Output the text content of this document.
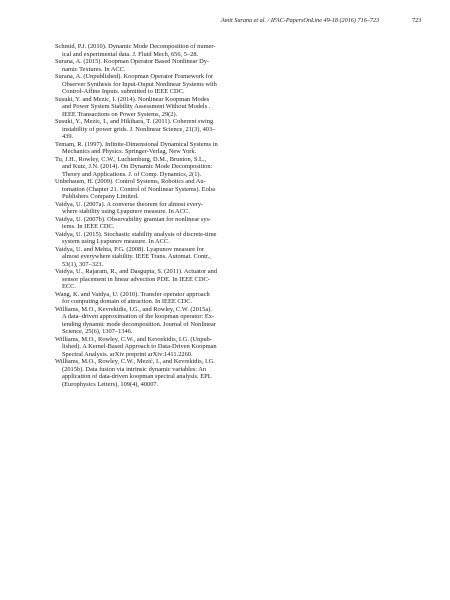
Amit Surana et al. / IFAC-PapersOnLine 49-18 (2016) 716–723	723
Schmid, P.J. (2010). Dynamic Mode Decomposition of numer-
ical and experimental data. J. Fluid Mech, 656, 5–28.
Surana, A. (2015). Koopman Operator Based Nonlinear Dy-
namic Textures. In ACC.
Surana, A. (Unpublished). Koopman Operator Framework for
Observer Synthesis for Input-Ouput Nonlinear Systems with
Control-Affine Inputs. submitted to IEEE CDC.
Susuki, Y. and Mezic, I. (2014). Nonlinear Koopman Modes
and Power System Stability Assessment Without Models .
IEEE Transactions on Power Systems, 29(2).
Susuki, Y., Mezic, I., and Hikihara, T. (2011). Coherent swing
instability of power grids. J. Nonlinear Science, 21(3), 403–
439.
Temam, R. (1997). Infinite-Dimensional Dynamical Systems in
Mechanics and Physics. Springer-Verlag, New York.
Tu, J.H., Rowley, C.W., Luchtenburg, D.M., Brunton, S.L.,
and Kutz, J.N. (2014). On Dynamic Mode Decomposition:
Theory and Applications. J. of Comp. Dynamics, 2(1).
Unbehauen, H. (2009). Control Systems, Robotics and Au-
tomation (Chapter 21. Control of Nonlinear Systems). Eolss
Publishers Company Limited.
Vaidya, U. (2007a). A converse theorem for almost every-
where stability using Lyapunov measure. In ACC.
Vaidya, U. (2007b). Observability gramian for nonlinear sys-
tems. In IEEE CDC.
Vaidya, U. (2015). Stochastic stability analysis of discrete-time
system using Lyapunov measure. In ACC.
Vaidya, U. and Mehta, P.G. (2008). Lyapunov measure for
almost everywhere stability. IEEE Trans. Automat. Contr.,
53(1), 307–323.
Vaidya, U., Rajaram, R., and Dasgupta, S. (2011). Actuator and
sensor placement in linear advection PDE. In IEEE CDC-
ECC.
Wang, K. and Vaidya, U. (2010). Transfer operator approach
for computing domain of attraction. In IEEE CDC.
Williams, M.O., Kevrekidis, I.G., and Rowley, C.W. (2015a).
A data–driven approximation of the koopman operator: Ex-
tending dynamic mode decomposition. Journal of Nonlinear
Science, 25(6), 1307–1346.
Williams, M.O., Rowley, C.W., and Kevrekidis, I.G. (Unpub-
lished). A Kernel-Based Approach to Data-Driven Koopman
Spectral Analysis. arXiv preprint arXiv:1411.2260.
Williams, M.O., Rowley, C.W., Mezić, I., and Kevrekidis, I.G.
(2015b). Data fusion via intrinsic dynamic variables: An
application of data-driven koopman spectral analysis. EPL
(Europhysics Letters), 109(4), 40007.
